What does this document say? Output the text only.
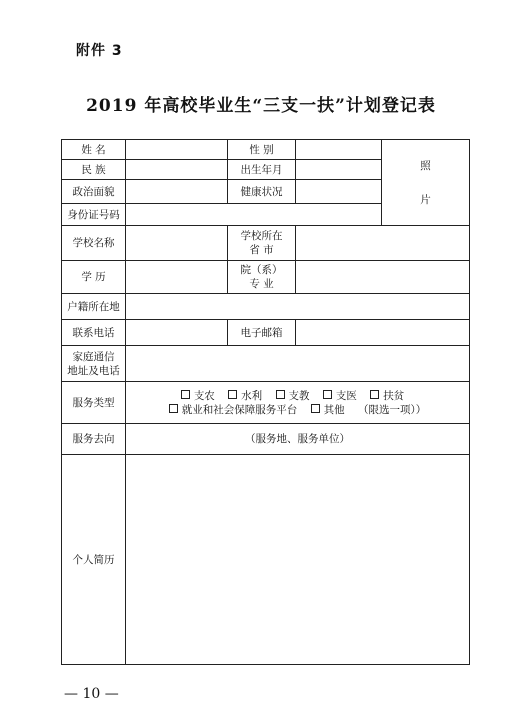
附件 3
2019 年高校毕业生“三支一扶”计划登记表
姓 名		性 别		照
片

民 族		出生年月		
政治面貌		健康状况		
身份证号码				
学校名称		学校所在
省 市		

学 历		院（系）
专 业		

户籍所在地				
联系电话		电子邮箱		

家庭通信
地址及电话				

服务类型	支农 水利 支教 支医 扶贫
就业和社会保障服务平台 其他 （限选一项））			

服务去向	（服务地、服务单位）			
个人简历				
— 10 —
